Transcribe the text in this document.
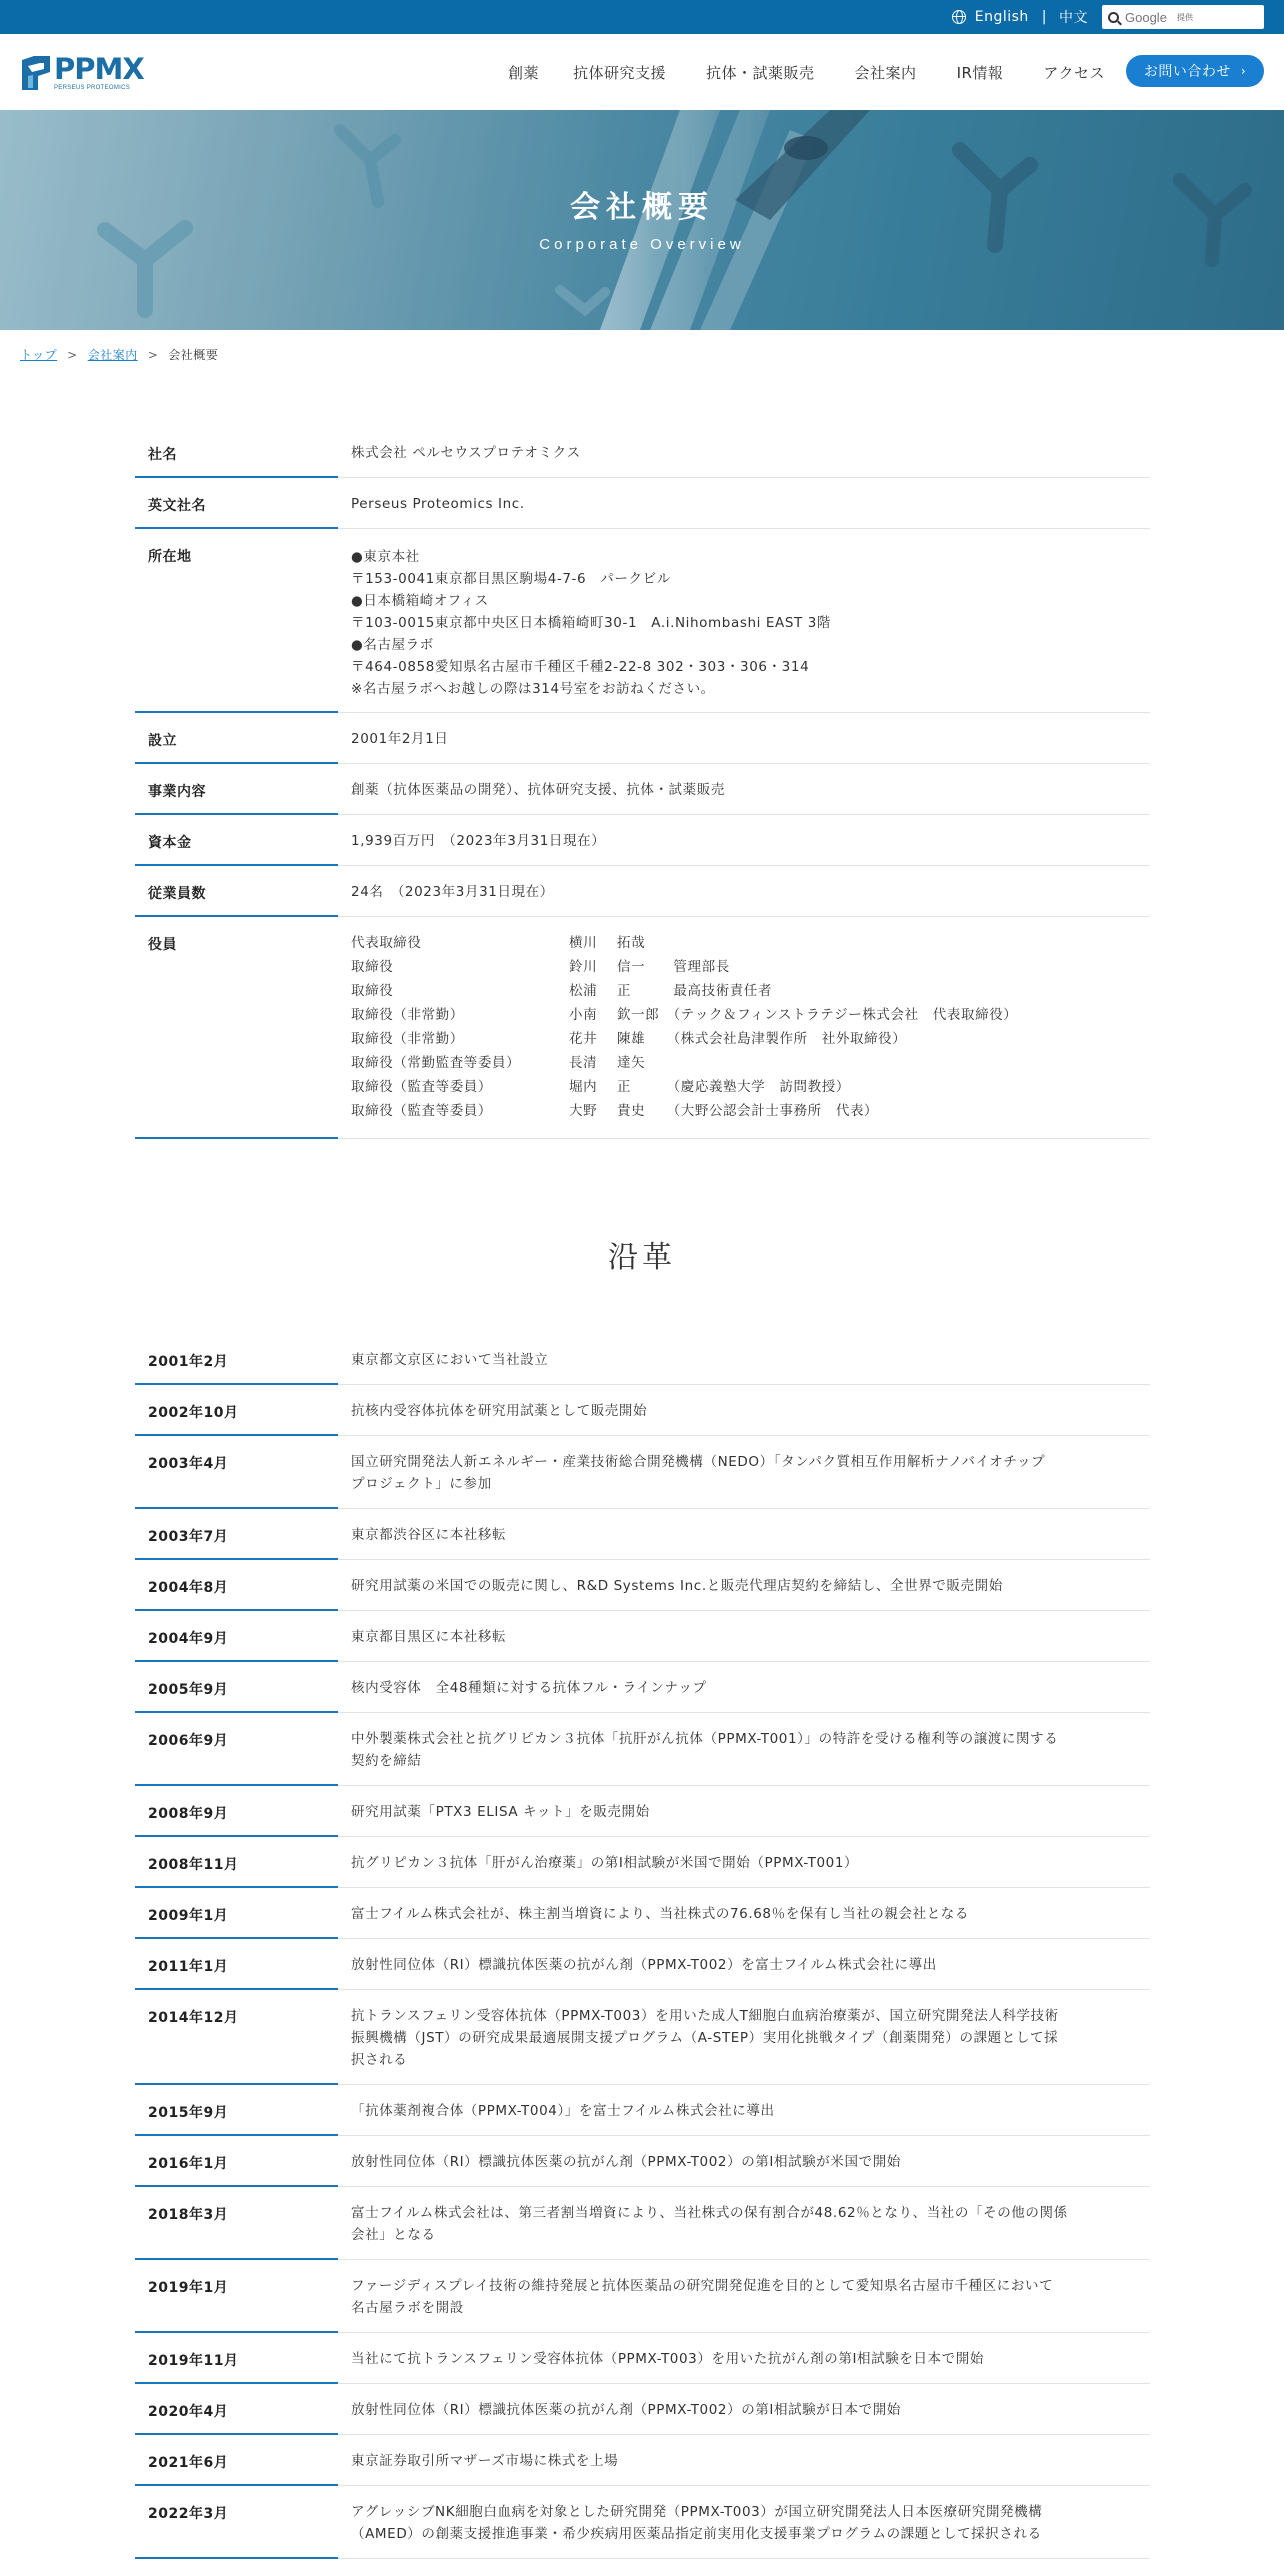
English | 中文
Google	提供
PPMX
PERSEUS PROTEOMICS
創薬 抗体研究支援	抗体・試薬販売	会社案内	IR情報	アクセス	お問い合わせ ›
会社概要
Corporate Overview
トップ > 会社案内 > 会社概要
社名	株式会社 ペルセウスプロテオミクス
英文社名	Perseus Proteomics Inc.
所在地	●東京本社
〒153-0041東京都目黒区駒場4-7-6　パークビル
●日本橋箱崎オフィス
〒103-0015東京都中央区日本橋箱崎町30-1　A.i.Nihombashi EAST 3階
●名古屋ラボ
〒464-0858愛知県名古屋市千種区千種2-22-8 302・303・306・314
※名古屋ラボへお越しの際は314号室をお訪ねください。
設立	2001年2月1日
事業内容	創薬（抗体医薬品の開発）、抗体研究支援、抗体・試薬販売
資本金	1,939百万円　（2023年3月31日現在）
従業員数	24名　（2023年3月31日現在）
役員	代表取締役	横川	拓哉
取締役	鈴川	信一　　管理部長
取締役	松浦	正　　　最高技術責任者
取締役（非常勤）	小南	欽一郎　（テック＆フィンストラテジー株式会社　代表取締役）
取締役（非常勤）	花井	陳雄　　（株式会社島津製作所　社外取締役）
取締役（常勤監査等委員）	長清	達矢
取締役（監査等委員）	堀内	正　　　（慶応義塾大学　訪問教授）
取締役（監査等委員）	大野	貴史　　（大野公認会計士事務所　代表）
沿革
2001年2月	東京都文京区において当社設立
2002年10月	抗核内受容体抗体を研究用試薬として販売開始
2003年4月	国立研究開発法人新エネルギー・産業技術総合開発機構（NEDO）「タンパク質相互作用解析ナノバイオチップ
プロジェクト」に参加
2003年7月	東京都渋谷区に本社移転
2004年8月	研究用試薬の米国での販売に関し、R&D Systems Inc.と販売代理店契約を締結し、全世界で販売開始
2004年9月	東京都目黒区に本社移転
2005年9月	核内受容体　全48種類に対する抗体フル・ラインナップ
2006年9月	中外製薬株式会社と抗グリピカン３抗体「抗肝がん抗体（PPMX-T001）」の特許を受ける権利等の譲渡に関する
契約を締結
2008年9月	研究用試薬「PTX3 ELISA キット」を販売開始
2008年11月	抗グリピカン３抗体「肝がん治療薬」の第Ⅰ相試験が米国で開始（PPMX-T001）
2009年1月	富士フイルム株式会社が、株主割当増資により、当社株式の76.68％を保有し当社の親会社となる
2011年1月	放射性同位体（RI）標識抗体医薬の抗がん剤（PPMX-T002）を富士フイルム株式会社に導出
2014年12月	抗トランスフェリン受容体抗体（PPMX-T003）を用いた成人T細胞白血病治療薬が、国立研究開発法人科学技術
振興機構（JST）の研究成果最適展開支援プログラム（A-STEP）実用化挑戦タイプ（創薬開発）の課題として採
択される
2015年9月	「抗体薬剤複合体（PPMX-T004）」を富士フイルム株式会社に導出
2016年1月	放射性同位体（RI）標識抗体医薬の抗がん剤（PPMX-T002）の第Ⅰ相試験が米国で開始
2018年3月	富士フイルム株式会社は、第三者割当増資により、当社株式の保有割合が48.62％となり、当社の「その他の関係
会社」となる
2019年1月	ファージディスプレイ技術の維持発展と抗体医薬品の研究開発促進を目的として愛知県名古屋市千種区において
名古屋ラボを開設
2019年11月	当社にて抗トランスフェリン受容体抗体（PPMX-T003）を用いた抗がん剤の第Ⅰ相試験を日本で開始
2020年4月	放射性同位体（RI）標識抗体医薬の抗がん剤（PPMX-T002）の第Ⅰ相試験が日本で開始
2021年6月	東京証券取引所マザーズ市場に株式を上場
2022年3月	アグレッシブNK細胞白血病を対象とした研究開発（PPMX-T003）が国立研究開発法人日本医療研究開発機構
（AMED）の創薬支援推進事業・希少疾病用医薬品指定前実用化支援事業プログラムの課題として採択される
